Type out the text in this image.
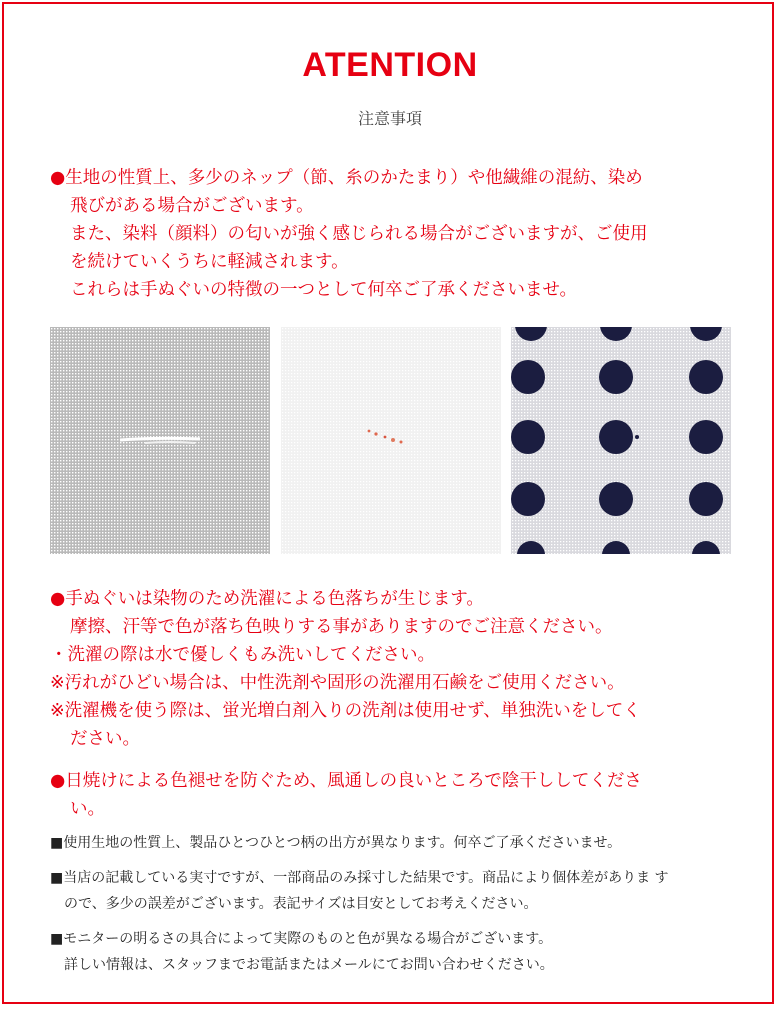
ATENTION
注意事項
●生地の性質上、多少のネップ（節、糸のかたまり）や他繊維の混紡、染め
飛びがある場合がございます。
また、染料（顔料）の匂いが強く感じられる場合がございますが、ご使用
を続けていくうちに軽減されます。
これらは手ぬぐいの特徴の一つとして何卒ご了承くださいませ。
●手ぬぐいは染物のため洗濯による色落ちが生じます。
摩擦、汗等で色が落ち色映りする事がありますのでご注意ください。
・洗濯の際は水で優しくもみ洗いしてください。
※汚れがひどい場合は、中性洗剤や固形の洗濯用石鹸をご使用ください。
※洗濯機を使う際は、蛍光増白剤入りの洗剤は使用せず、単独洗いをしてく
ださい。
●日焼けによる色褪せを防ぐため、風通しの良いところで陰干ししてくださ
い。
■使用生地の性質上、製品ひとつひとつ柄の出方が異なります。何卒ご了承くださいませ。
■当店の記載している実寸ですが、一部商品のみ採寸した結果です。商品により個体差がありま す
ので、多少の誤差がございます。表記サイズは目安としてお考えください。
■モニターの明るさの具合によって実際のものと色が異なる場合がございます。
詳しい情報は、スタッフまでお電話またはメールにてお問い合わせください。
